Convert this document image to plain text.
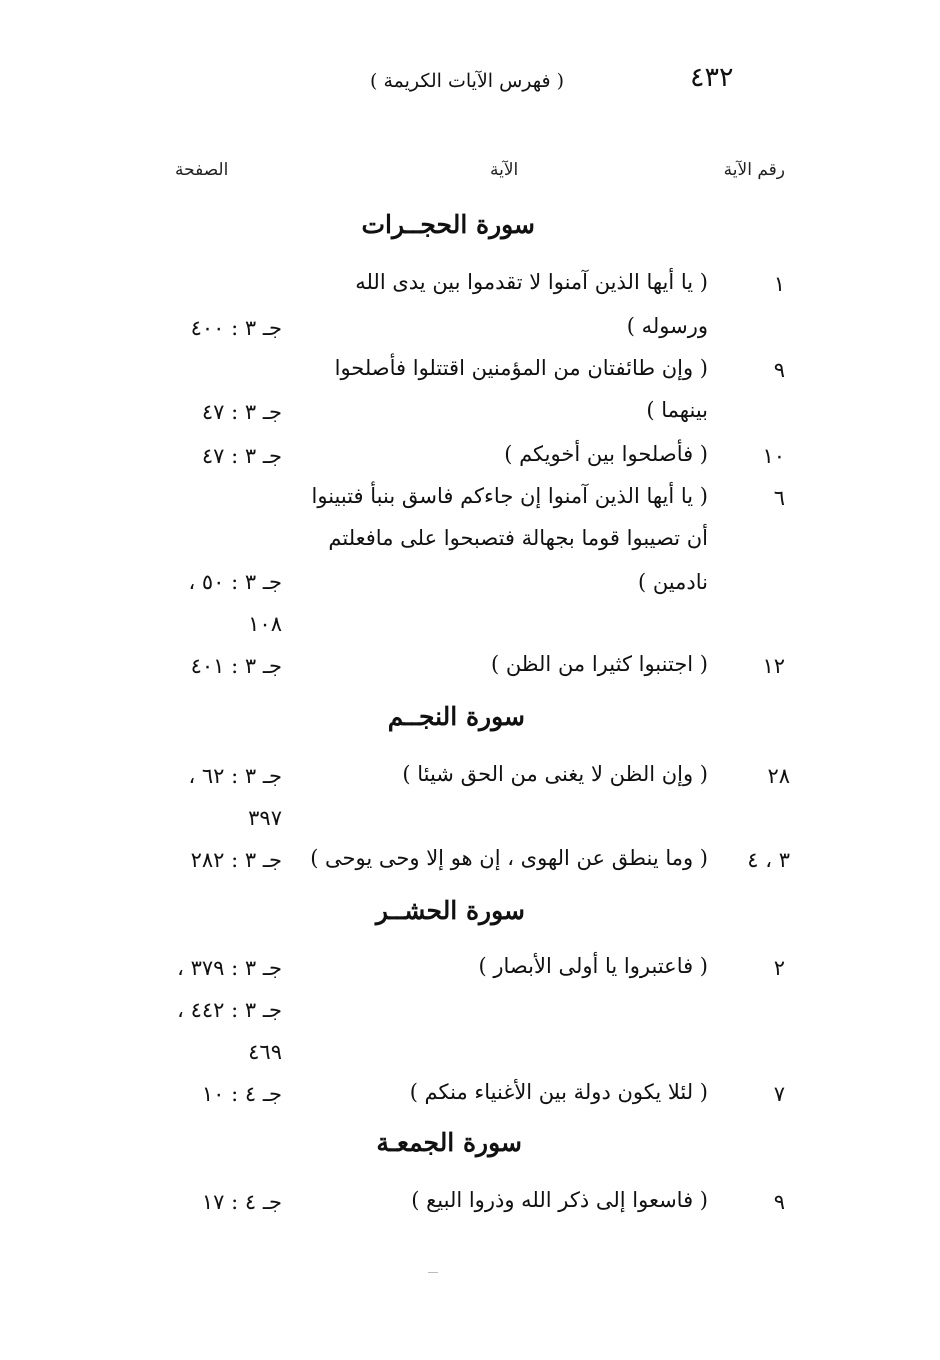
٤٣٢
( فهرس الآيات الكريمة )
رقم الآية
الآية
الصفحة
سورة الحجــرات
١
( يا أيها الذين آمنوا لا تقدموا بين يدى الله
ورسوله )
جـ ٣ : ٤٠٠
٩
( وإن طائفتان من المؤمنين اقتتلوا فأصلحوا
بينهما )
جـ ٣ : ٤٧
١٠
( فأصلحوا بين أخويكم )
جـ ٣ : ٤٧
٦
( يا أيها الذين آمنوا إن جاءكم فاسق بنبأ فتبينوا
أن تصيبوا قوما بجهالة فتصبحوا على مافعلتم
نادمين )
جـ ٣ : ٥٠ ،
١٠٨
١٢
( اجتنبوا كثيرا من الظن )
جـ ٣ : ٤٠١
سورة النجــم
٢٨
( وإن الظن لا يغنى من الحق شيئا )
جـ ٣ : ٦٢ ،
٣٩٧
٣ ، ٤
( وما ينطق عن الهوى ، إن هو إلا وحى يوحى )
جـ ٣ : ٢٨٢
سورة الحشــر
٢
( فاعتبروا يا أولى الأبصار )
جـ ٣ : ٣٧٩ ،
جـ ٣ : ٤٤٢ ،
٤٦٩
٧
( لئلا يكون دولة بين الأغنياء منكم )
جـ ٤ : ١٠
سورة الجمعـة
٩
( فاسعوا إلى ذكر الله وذروا البيع )
جـ ٤ : ١٧
